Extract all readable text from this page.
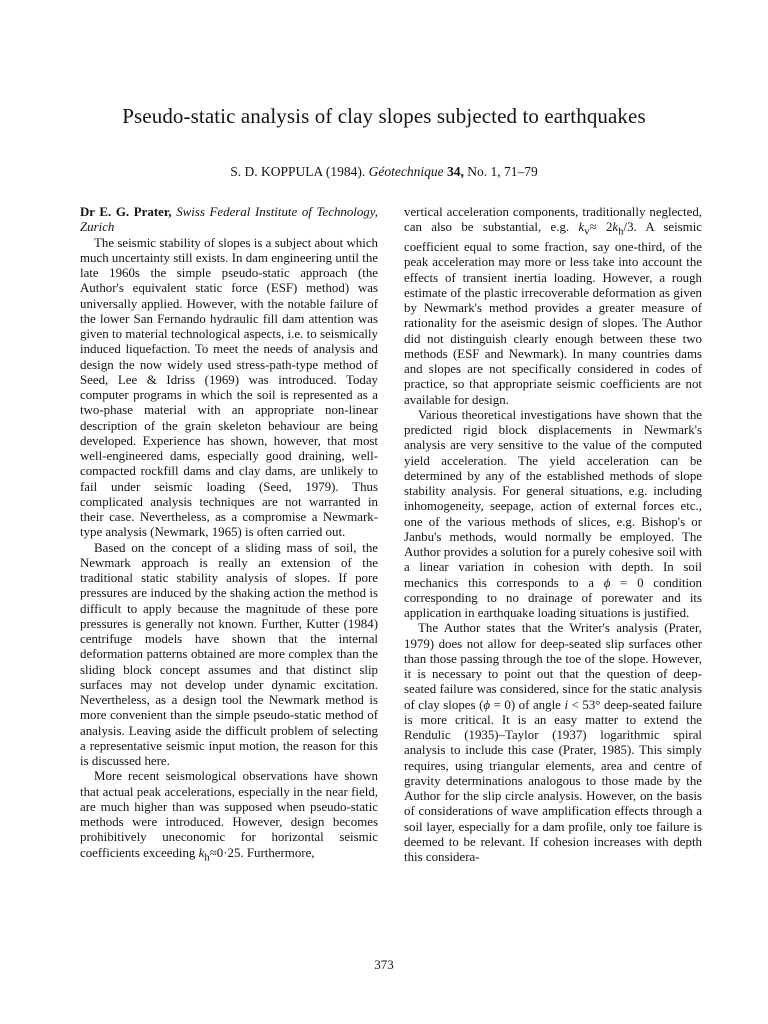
Pseudo-static analysis of clay slopes subjected to earthquakes
S. D. KOPPULA (1984). Géotechnique 34, No. 1, 71–79

Dr E. G. Prater, Swiss Federal Institute of Technology, Zurich

The seismic stability of slopes is a subject about which much uncertainty still exists. In dam engineering until the late 1960s the simple pseudo-static approach (the Author's equivalent static force (ESF) method) was universally applied. However, with the notable failure of the lower San Fernando hydraulic fill dam attention was given to material technological aspects, i.e. to seismically induced liquefaction. To meet the needs of analysis and design the now widely used stress-path-type method of Seed, Lee & Idriss (1969) was introduced. Today computer programs in which the soil is represented as a two-phase material with an appropriate non-linear description of the grain skeleton behaviour are being developed. Experience has shown, however, that most well-engineered dams, especially good draining, well-compacted rockfill dams and clay dams, are unlikely to fail under seismic loading (Seed, 1979). Thus complicated analysis techniques are not warranted in their case. Nevertheless, as a compromise a Newmark-type analysis (Newmark, 1965) is often carried out.

Based on the concept of a sliding mass of soil, the Newmark approach is really an extension of the traditional static stability analysis of slopes. If pore pressures are induced by the shaking action the method is difficult to apply because the magnitude of these pore pressures is generally not known. Further, Kutter (1984) centrifuge models have shown that the internal deformation patterns obtained are more complex than the sliding block concept assumes and that distinct slip surfaces may not develop under dynamic excitation. Nevertheless, as a design tool the Newmark method is more convenient than the simple pseudo-static method of analysis. Leaving aside the difficult problem of selecting a representative seismic input motion, the reason for this is discussed here.

More recent seismological observations have shown that actual peak accelerations, especially in the near field, are much higher than was supposed when pseudo-static methods were introduced. However, design becomes prohibitively uneconomic for horizontal seismic coefficients exceeding $k_h\approx 0\cdot 25$. Furthermore,

vertical acceleration components, traditionally neglected, can also be substantial, e.g. $k_v\approx 2k_h/3$. A seismic coefficient equal to some fraction, say one-third, of the peak acceleration may more or less take into account the effects of transient inertia loading. However, a rough estimate of the plastic irrecoverable deformation as given by Newmark's method provides a greater measure of rationality for the aseismic design of slopes. The Author did not distinguish clearly enough between these two methods (ESF and Newmark). In many countries dams and slopes are not specifically considered in codes of practice, so that appropriate seismic coefficients are not available for design.

Various theoretical investigations have shown that the predicted rigid block displacements in Newmark's analysis are very sensitive to the value of the computed yield acceleration. The yield acceleration can be determined by any of the established methods of slope stability analysis. For general situations, e.g. including inhomogeneity, seepage, action of external forces etc., one of the various methods of slices, e.g. Bishop's or Janbu's methods, would normally be employed. The Author provides a solution for a purely cohesive soil with a linear variation in cohesion with depth. In soil mechanics this corresponds to a ϕ = 0 condition corresponding to no drainage of porewater and its application in earthquake loading situations is justified.

The Author states that the Writer's analysis (Prater, 1979) does not allow for deep-seated slip surfaces other than those passing through the toe of the slope. However, it is necessary to point out that the question of deep-seated failure was considered, since for the static analysis of clay slopes (ϕ = 0) of angle i < 53° deep-seated failure is more critical. It is an easy matter to extend the Rendulic (1935)–Taylor (1937) logarithmic spiral analysis to include this case (Prater, 1985). This simply requires, using triangular elements, area and centre of gravity determinations analogous to those made by the Author for the slip circle analysis. However, on the basis of considerations of wave amplification effects through a soil layer, especially for a dam profile, only toe failure is deemed to be relevant. If cohesion increases with depth this considera-

373
